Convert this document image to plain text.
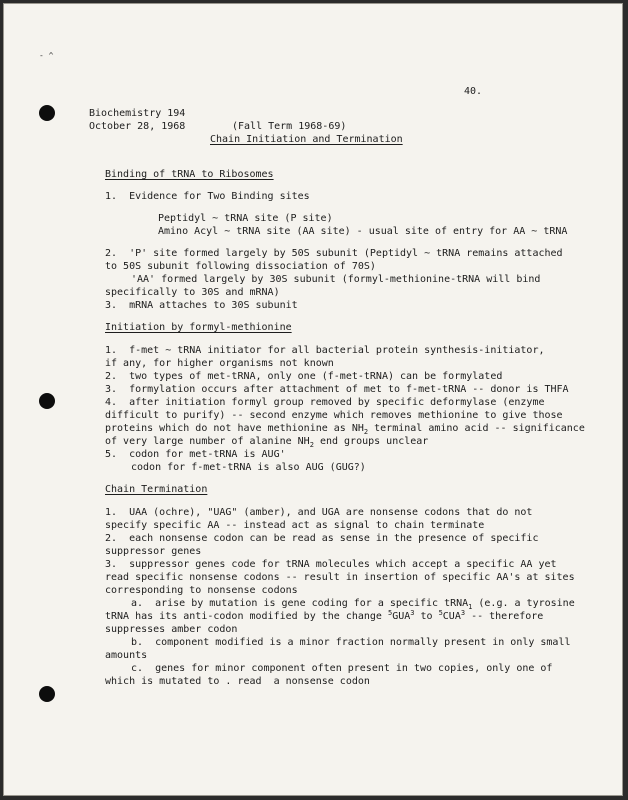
- ^
40.
Biochemistry 194
October 28, 1968	(Fall Term 1968-69)
Chain Initiation and Termination
Binding of tRNA to Ribosomes
1.  Evidence for Two Binding sites
Peptidyl ~ tRNA site (P site)
Amino Acyl ~ tRNA site (AA site) - usual site of entry for AA ~ tRNA
2.  'P' site formed largely by 50S subunit (Peptidyl ~ tRNA remains attached
to 50S subunit following dissociation of 70S)
'AA' formed largely by 30S subunit (formyl-methionine-tRNA will bind
specifically to 30S and mRNA)
3.  mRNA attaches to 30S subunit
Initiation by formyl-methionine
1.  f-met ~ tRNA initiator for all bacterial protein synthesis-initiator,
if any, for higher organisms not known
2.  two types of met-tRNA, only one (f-met-tRNA) can be formylated
3.  formylation occurs after attachment of met to f-met-tRNA -- donor is THFA
4.  after initiation formyl group removed by specific deformylase (enzyme
difficult to purify) -- second enzyme which removes methionine to give those
proteins which do not have methionine as $NH_2$ terminal amino acid -- significance
of very large number of alanine $NH_2$ end groups unclear
5.  codon for met-tRNA is AUG'
codon for f-met-tRNA is also AUG (GUG?)
Chain Termination
1.  UAA (ochre), "UAG" (amber), and UGA are nonsense codons that do not
specify specific AA -- instead act as signal to chain terminate
2.  each nonsense codon can be read as sense in the presence of specific
suppressor genes
3.  suppressor genes code for tRNA molecules which accept a specific AA yet
read specific nonsense codons -- result in insertion of specific AA's at sites
corresponding to nonsense codons
a.  arise by mutation is gene coding for a specific tRNA$_1$ (e.g. a tyrosine
tRNA has its anti-codon modified by the change $^5$GUA$^3$ to $^5$CUA$^3$ -- therefore
suppresses amber codon
b.  component modified is a minor fraction normally present in only small
amounts
c.  genes for minor component often present in two copies, only one of
which is mutated to . read  a nonsense codon
